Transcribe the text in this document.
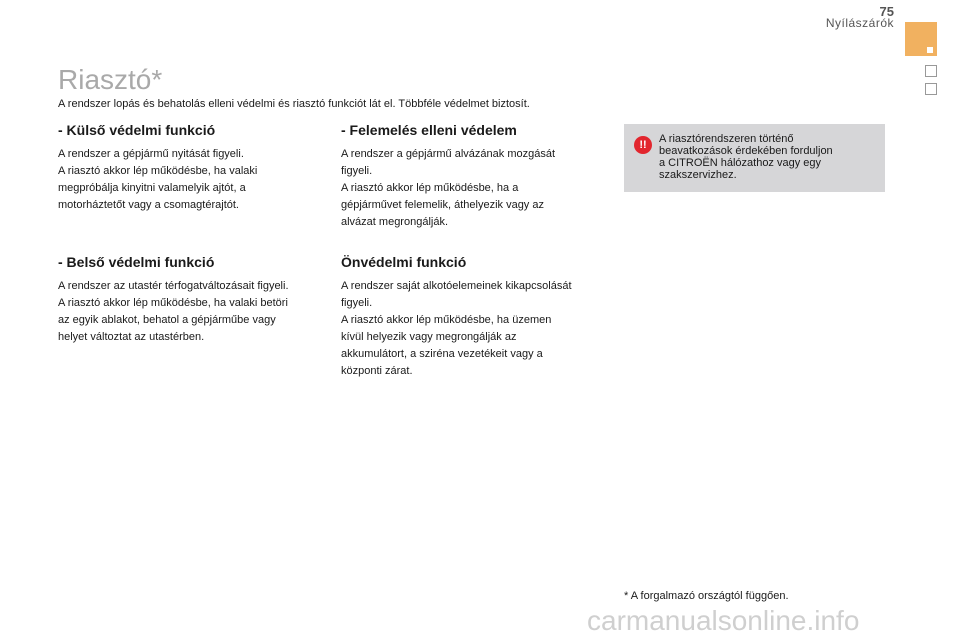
75
Nyílászárók
Riasztó*
A rendszer lopás és behatolás elleni védelmi és riasztó funkciót lát el. Többféle védelmet biztosít.
- Külső védelmi funkció

A rendszer a gépjármű nyitását figyeli.
A riasztó akkor lép működésbe, ha valaki
megpróbálja kinyitni valamelyik ajtót, a
motorháztetőt vagy a csomagtérajtót.

- Belső védelmi funkció

A rendszer az utastér térfogatváltozásait figyeli.
A riasztó akkor lép működésbe, ha valaki betöri
az egyik ablakot, behatol a gépjárműbe vagy
helyet változtat az utastérben.

- Felemelés elleni védelem

A rendszer a gépjármű alvázának mozgását
figyeli.
A riasztó akkor lép működésbe, ha a
gépjárművet felemelik, áthelyezik vagy az
alvázat megrongálják.

Önvédelmi funkció

A rendszer saját alkotóelemeinek kikapcsolását
figyeli.
A riasztó akkor lép működésbe, ha üzemen
kívül helyezik vagy megrongálják az
akkumulátort, a sziréna vezetékeit vagy a
központi zárat.

!!	A riasztórendszeren történő
beavatkozások érdekében forduljon
a CITROËN hálózathoz vagy egy
szakszervizhez.
* A forgalmazó országtól függően.
carmanualsonline.info
